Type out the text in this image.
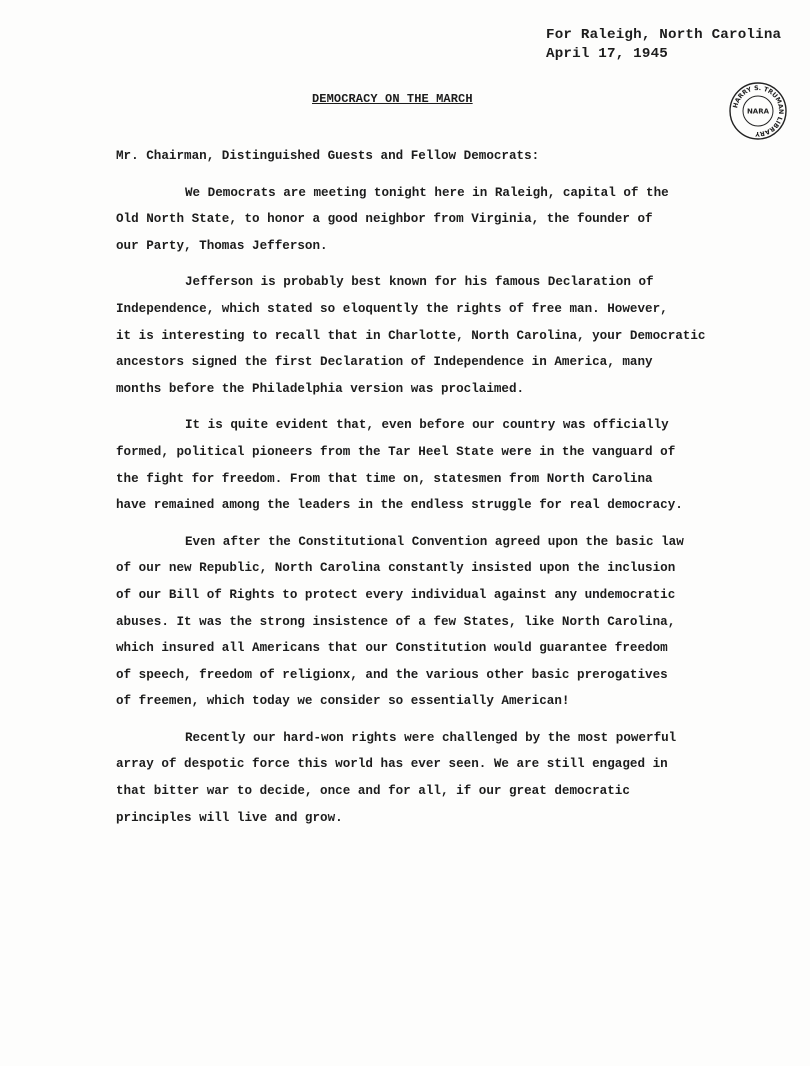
For Raleigh, North Carolina
April 17, 1945
DEMOCRACY ON THE MARCH	HARRY S. TRUMAN LIBRARY
NARA

Mr. Chairman, Distinguished Guests and Fellow Democrats:

We Democrats are meeting tonight here in Raleigh, capital of the
Old North State, to honor a good neighbor from Virginia, the founder of
our Party, Thomas Jefferson.

Jefferson is probably best known for his famous Declaration of
Independence, which stated so eloquently the rights of free man. However,
it is interesting to recall that in Charlotte, North Carolina, your Democratic
ancestors signed the first Declaration of Independence in America, many
months before the Philadelphia version was proclaimed.

It is quite evident that, even before our country was officially
formed, political pioneers from the Tar Heel State were in the vanguard of
the fight for freedom. From that time on, statesmen from North Carolina
have remained among the leaders in the endless struggle for real democracy.

Even after the Constitutional Convention agreed upon the basic law
of our new Republic, North Carolina constantly insisted upon the inclusion
of our Bill of Rights to protect every individual against any undemocratic
abuses. It was the strong insistence of a few States, like North Carolina,
which insured all Americans that our Constitution would guarantee freedom
of speech, freedom of religionx, and the various other basic prerogatives
of freemen, which today we consider so essentially American!

Recently our hard-won rights were challenged by the most powerful
array of despotic force this world has ever seen. We are still engaged in
that bitter war to decide, once and for all, if our great democratic
principles will live and grow.
